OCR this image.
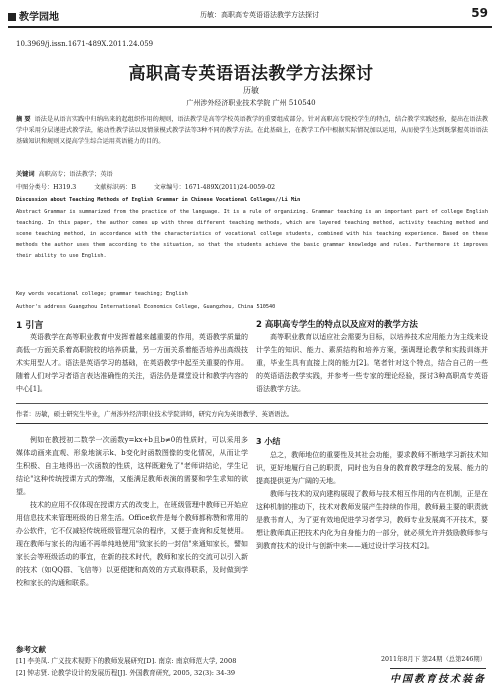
教学园地	历敏：高职高专英语语法教学方法探讨	59
10.3969/j.issn.1671-489X.2011.24.059
高职高专英语语法教学方法探讨
历敏
广州涉外经济职业技术学院 广州 510540
摘 要 语法是从语言实践中归纳出来的起组织作用的规则，语法教学是高等学校英语教学的重要组成部分。针对高职高专院校学生的特点，结合教学实践经验，提出在语法教学中采用分层递进式教学法，能动性教学法以及情景模式教学法等3种不同的教学方法。在此基础上，在教学工作中根据实际情况加以运用，从而使学生达到既掌握英语语法基础知识和规则又提高学生综合运用英语能力的目的。
关键词 高职高专；语法教学；英语
中图分类号：H319.3	文献标识码：B	文章编号：1671-489X(2011)24-0059-02
Discussion about Teaching Methods of English Grammar in Chinese Vocational Colleges//Li Min
Abstract Grammar is summarized from the practice of the language. It is a rule of organizing. Grammar teaching is an important part of college English teaching. In this paper, the author comes up with three different teaching methods, which are layered teaching method, activity teaching method and scene teaching method, in accordance with the characteristics of vocational college students, combined with his teaching experience. Based on these methods the author uses them according to the situation, so that the students achieve the basic grammar knowledge and rules. Furthermore it improves their ability to use English.
Key words vocational college; grammar teaching; English
Author's address Guangzhou International Economics College, Guangzhou, China 510540
1 引言	2 高职高专学生的特点以及应对的教学方法

英语教学在高等职业教育中发挥着越来越重要的作用，英语教学质量的高低一方面关系着高职院校的培养质量，另一方面关系着能否培养出高级技术实用型人才。语法是英语学习的基础，在英语教学中起至关重要的作用。随着人们对学习者语言表达准确性的关注，语法仍是课堂设计和教学内容的中心[1]。

高等职业教育以适应社会需要为目标，以培养技术应用能力为主线来设计学生的知识、能力、素质结构和培养方案，强调理论教学和实践训练并重，毕业生具有直接上岗的能力[2]。笔者针对这个特点，结合自己的一些的英语语法教学实践，并参考一些专家的理论经验，探讨3种高职高专英语语法教学方法。

作者：历敏，硕士研究生毕业，广州涉外经济职业技术学院讲师，研究方向为英语教学、英语语法。

例如在教授初二数学一次函数y=kx+b且b≠0的性质时，可以采用多媒体动画来直观、形象地演示k、b变化时函数图像的变化情况，从而让学生积极、自主地得出一次函数的性质，这样既避免了"老师讲结论，学生记结论"这种传统授课方式的弊端，又能满足教师表演的需要和学生求知的欲望。

技术的应用不仅体现在授课方式的改变上，在班级管理中教师已开始应用信息技术来管理班级的日常生活。Office软件是每个教师都称赞和常用的办公软件，它不仅减轻传统班级管理冗杂的程序，又便于查询和反复使用。现在教师与家长的沟通不再单纯地使用"致家长的一封信"来通知家长，譬如家长会等班级活动的事宜，在新的技术时代，教师和家长的交流可以引入新的技术（如QQ群、飞信等）以更便捷和高效的方式取得联系，及时做到学校和家长的沟通和联系。

3 小结

总之，教师地位的重要性及其社会功能，要求教师不断地学习新技术知识，更好地履行自己的职责，同时也为自身的教育教学理念的发展、能力的提高提供更为广阔的天地。

教师与技术的双向建构展现了教师与技术相互作用的内在机制，正是在这种机制的推动下，技术对教师发展产生持续的作用，教师最主要的职责就是教书育人，为了更有效地促进学习者学习，教师专业发展离不开技术，要想让教师真正把技术内化为自身能力的一部分，就必须允许并鼓励教师参与到教育技术的设计与创新中来——通过设计学习技术[2]。

参考文献
[1] 李美凤. 广义技术视野下的教师发展研究[D]. 南京: 南京师范大学, 2008
[2] 钟志贤. 论教学设计的发展历程[J]. 外国教育研究, 2005, 32(3): 34-39
2011年8月下 第24期（总第246期）
中国教育技术装备
